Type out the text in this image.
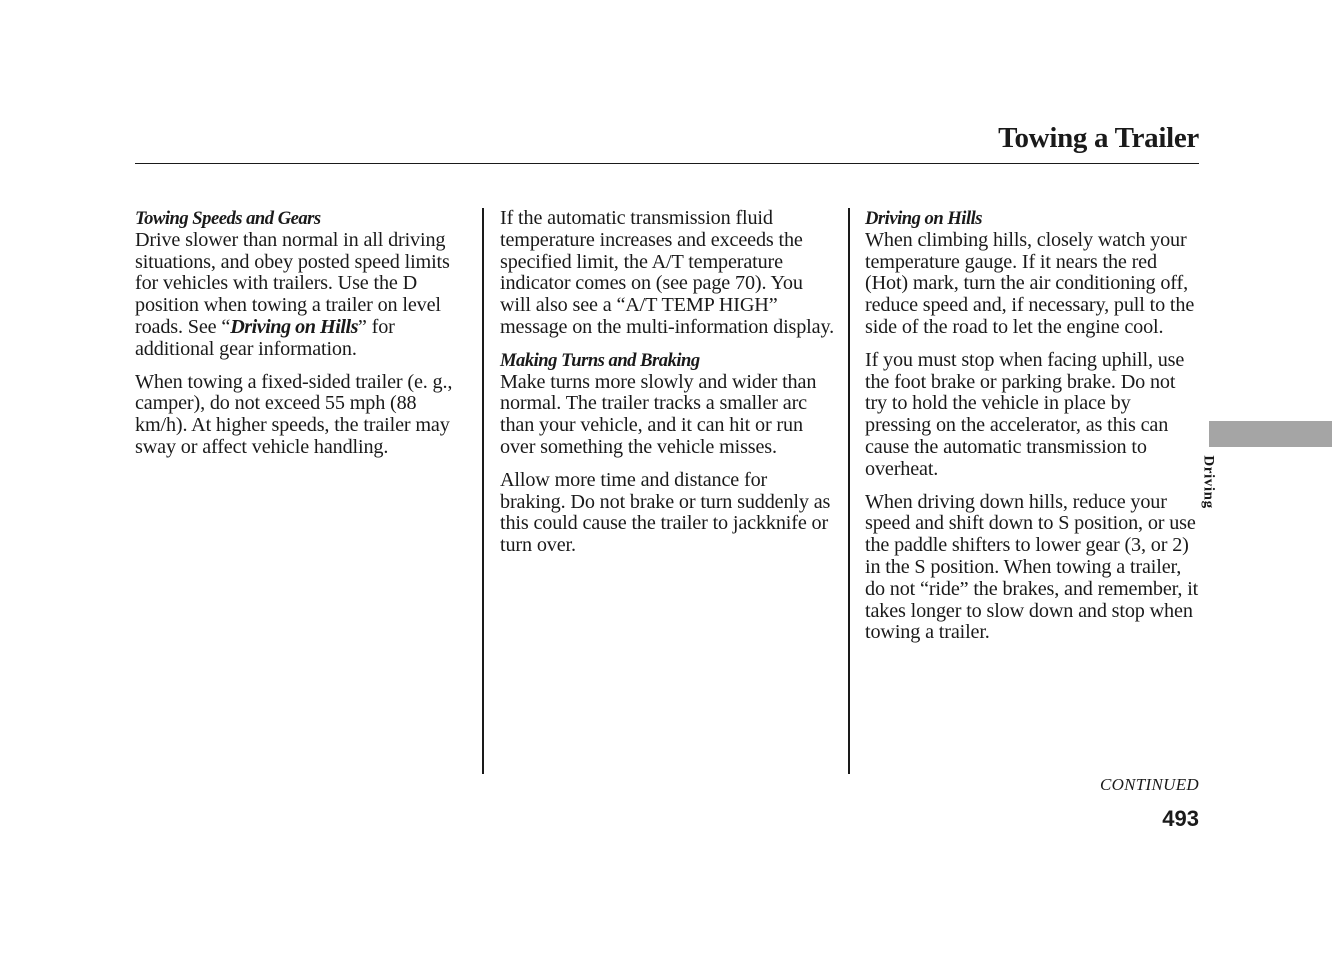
Towing a Trailer
Towing Speeds and Gears

Drive slower than normal in all driving situations, and obey posted speed limits for vehicles with trailers. Use the D position when towing a trailer on level roads. See “Driving on Hills” for additional gear information.

When towing a fixed-sided trailer (e. g., camper), do not exceed 55 mph (88 km/h). At higher speeds, the trailer may sway or affect vehicle handling.

If the automatic transmission fluid temperature increases and exceeds the specified limit, the A/T temperature indicator comes on (see page 70). You will also see a “A/T TEMP HIGH” message on the multi-information display.

Making Turns and Braking

Make turns more slowly and wider than normal. The trailer tracks a smaller arc than your vehicle, and it can hit or run over something the vehicle misses.

Allow more time and distance for braking. Do not brake or turn suddenly as this could cause the trailer to jackknife or turn over.

Driving on Hills

When climbing hills, closely watch your temperature gauge. If it nears the red (Hot) mark, turn the air conditioning off, reduce speed and, if necessary, pull to the side of the road to let the engine cool.

If you must stop when facing uphill, use the foot brake or parking brake. Do not try to hold the vehicle in place by pressing on the accelerator, as this can cause the automatic transmission to overheat.

When driving down hills, reduce your speed and shift down to S position, or use the paddle shifters to lower gear (3, or 2) in the S position. When towing a trailer, do not “ride” the brakes, and remember, it takes longer to slow down and stop when towing a trailer.

CONTINUED
493
Driving
